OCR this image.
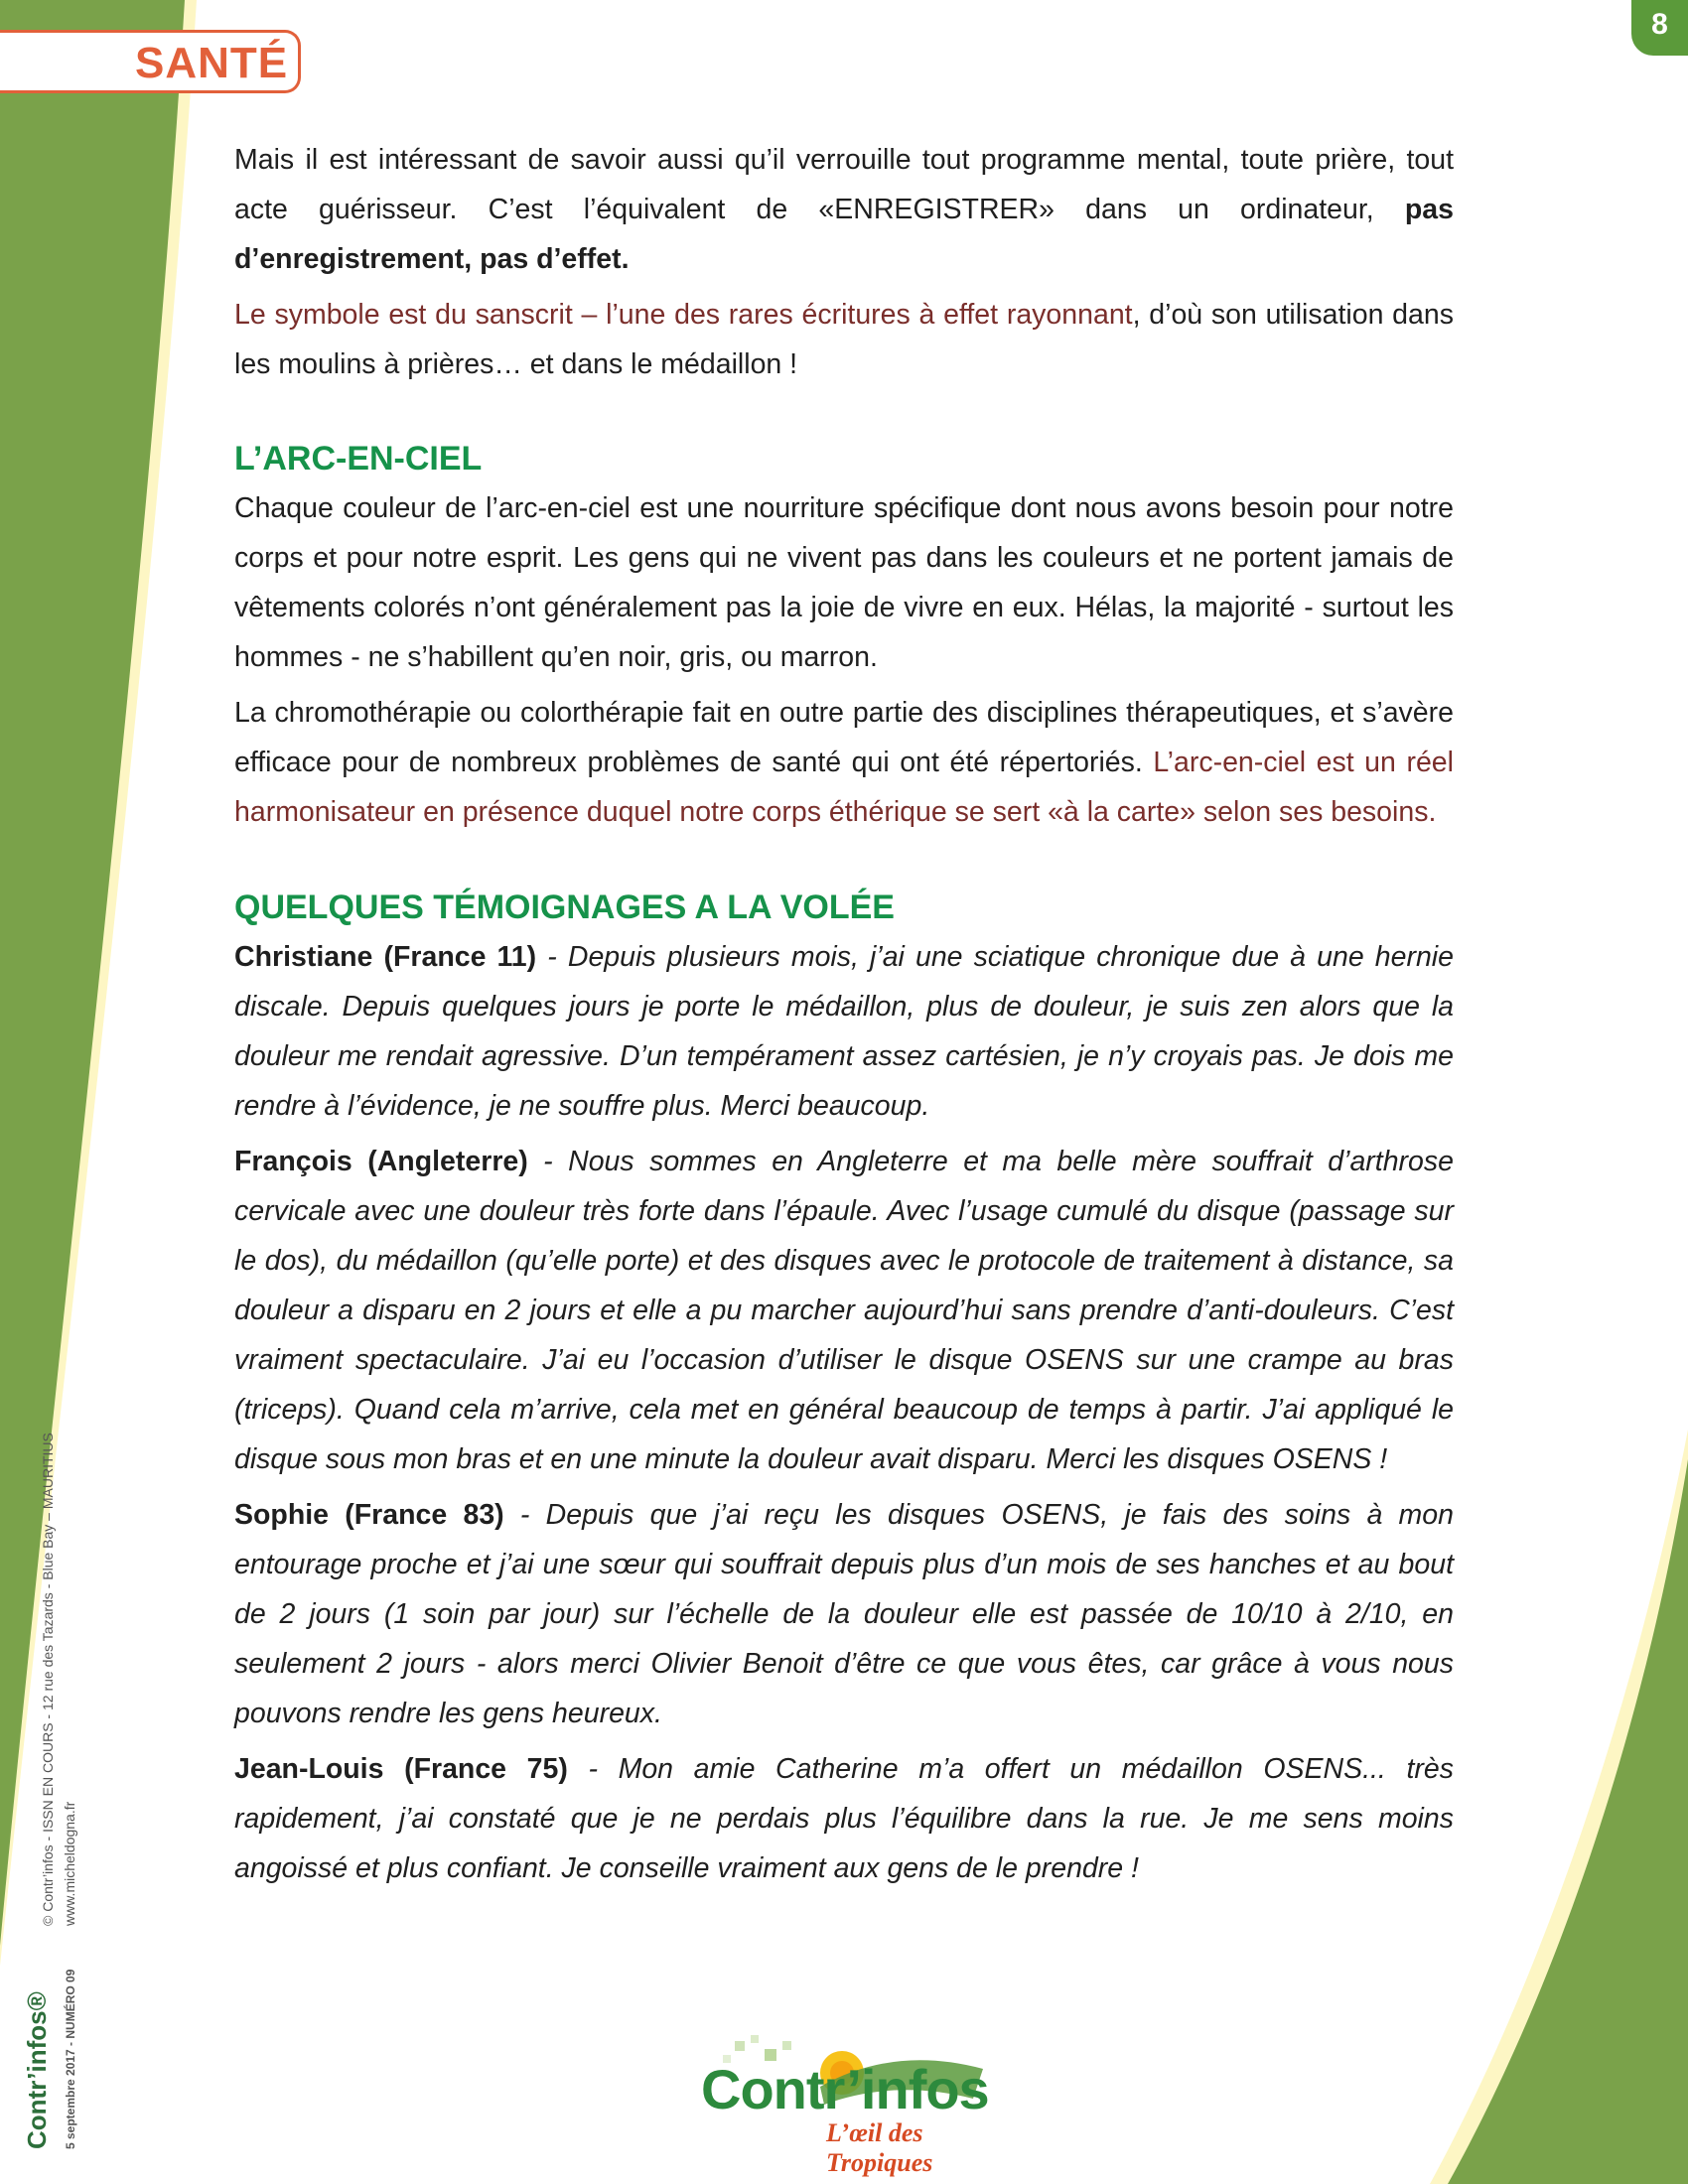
SANTÉ
8

Mais il est intéressant de savoir aussi qu’il verrouille tout programme mental, toute prière, tout acte guérisseur. C’est l’équivalent de «ENREGISTRER» dans un ordinateur, pas d’enregistrement, pas d’effet.

Le symbole est du sanscrit – l’une des rares écritures à effet rayonnant, d’où son utilisation dans les moulins à prières… et dans le médaillon !

L’ARC-EN-CIEL

Chaque couleur de l’arc-en-ciel est une nourriture spécifique dont nous avons besoin pour notre corps et pour notre esprit. Les gens qui ne vivent pas dans les couleurs et ne portent jamais de vêtements colorés n’ont généralement pas la joie de vivre en eux. Hélas, la majorité - surtout les hommes - ne s’habillent qu’en noir, gris, ou marron.

La chromothérapie ou colorthérapie fait en outre partie des disciplines thérapeutiques, et s’avère efficace pour de nombreux problèmes de santé qui ont été répertoriés. L’arc-en-ciel est un réel harmonisateur en présence duquel notre corps éthérique se sert «à la carte» selon ses besoins.

QUELQUES TÉMOIGNAGES A LA VOLÉE

Christiane (France 11) - Depuis plusieurs mois, j’ai une sciatique chronique due à une hernie discale. Depuis quelques jours je porte le médaillon, plus de douleur, je suis zen alors que la douleur me rendait agressive. D’un tempérament assez cartésien, je n’y croyais pas. Je dois me rendre à l’évidence, je ne souffre plus. Merci beaucoup.

François (Angleterre) - Nous sommes en Angleterre et ma belle mère souffrait d’arthrose cervicale avec une douleur très forte dans l’épaule. Avec l’usage cumulé du disque (passage sur le dos), du médaillon (qu’elle porte) et des disques avec le protocole de traitement à distance, sa douleur a disparu en 2 jours et elle a pu marcher aujourd’hui sans prendre d’anti-douleurs. C’est vraiment spectaculaire. J’ai eu l’occasion d’utiliser le disque OSENS sur une crampe au bras (triceps). Quand cela m’arrive, cela met en général beaucoup de temps à partir. J’ai appliqué le disque sous mon bras et en une minute la douleur avait disparu. Merci les disques OSENS !

Sophie (France 83) - Depuis que j’ai reçu les disques OSENS, je fais des soins à mon entourage proche et j’ai une sœur qui souffrait depuis plus d’un mois de ses hanches et au bout de 2 jours (1 soin par jour) sur l’échelle de la douleur elle est passée de 10/10 à 2/10, en seulement 2 jours - alors merci Olivier Benoit d’être ce que vous êtes, car grâce à vous nous pouvons rendre les gens heureux.

Jean-Louis (France 75) - Mon amie Catherine m’a offert un médaillon OSENS... très rapidement, j’ai constaté que je ne perdais plus l’équilibre dans la rue. Je me sens moins angoissé et plus confiant. Je conseille vraiment aux gens de le prendre !

Contr’infos® 5 septembre 2017 - NUMÉRO 09
© Contr’infos - ISSN EN COURS - 12 rue des Tazards - Blue Bay – MAURITIUS www.micheldogna.fr
Contr’infos
L’œil des Tropiques
